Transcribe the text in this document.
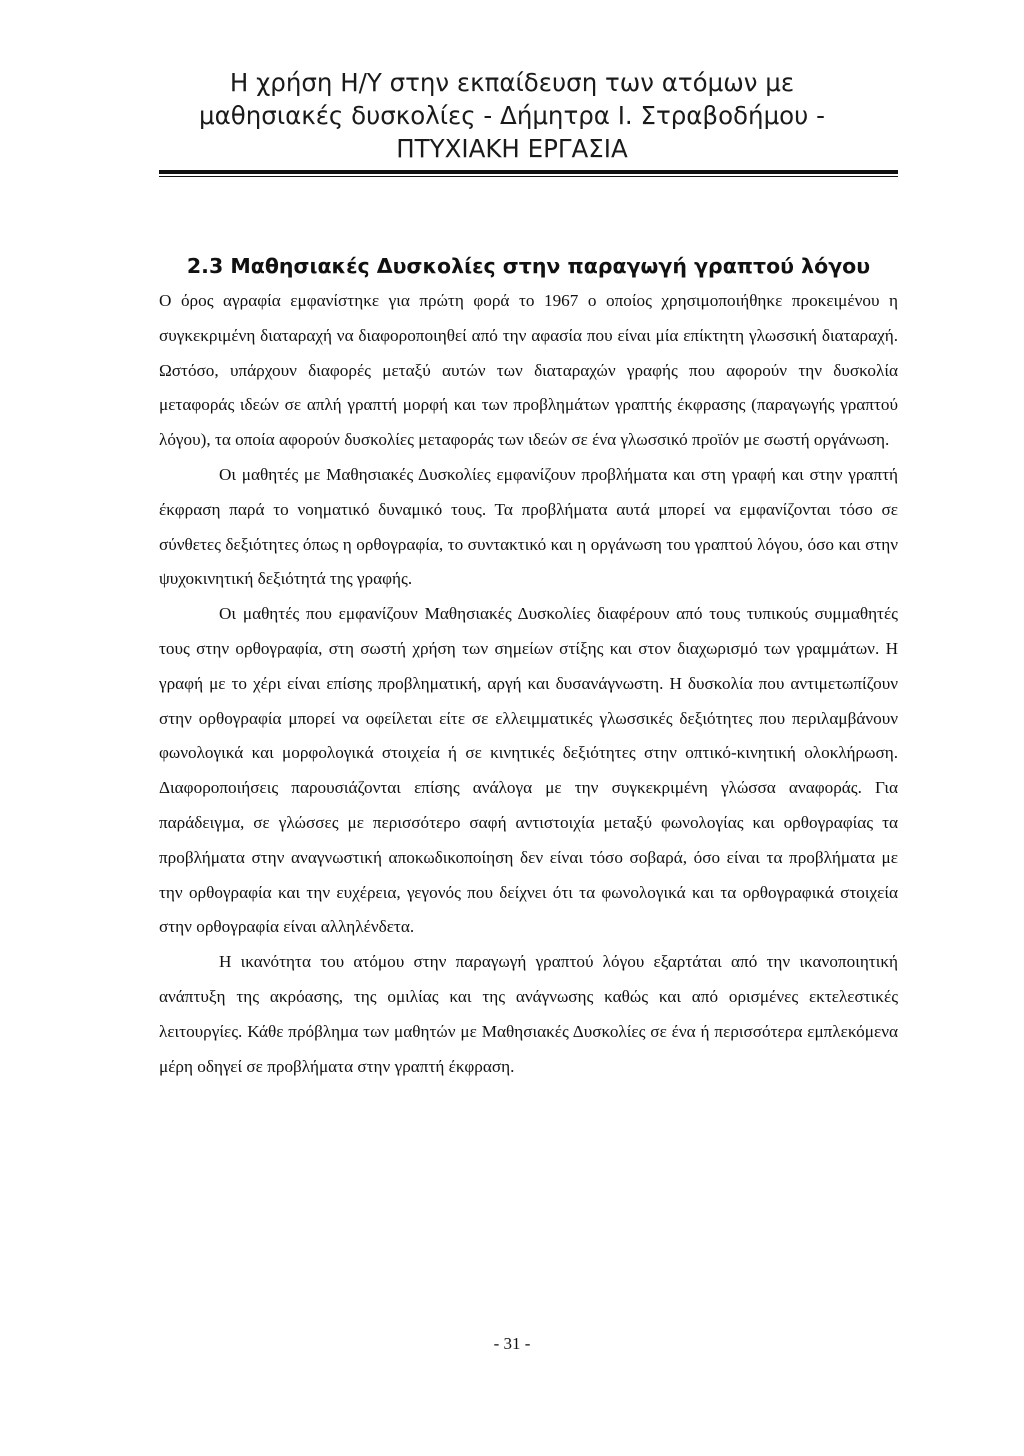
Η χρήση Η/Υ στην εκπαίδευση των ατόμων με
μαθησιακές δυσκολίες - Δήμητρα Ι. Στραβοδήμου -
ΠΤΥΧΙΑΚΗ ΕΡΓΑΣΙΑ
2.3 Μαθησιακές Δυσκολίες στην παραγωγή γραπτού λόγου

Ο όρος αγραφία εμφανίστηκε για πρώτη φορά το 1967 ο οποίος χρησιμοποιήθηκε προκειμένου η συγκεκριμένη διαταραχή να διαφοροποιηθεί από την αφασία που είναι μία επίκτητη γλωσσική διαταραχή. Ωστόσο, υπάρχουν διαφορές μεταξύ αυτών των διαταραχών γραφής που αφορούν την δυσκολία μεταφοράς ιδεών σε απλή γραπτή μορφή και των προβλημάτων γραπτής έκφρασης (παραγωγής γραπτού λόγου), τα οποία αφορούν δυσκολίες μεταφοράς των ιδεών σε ένα γλωσσικό προϊόν με σωστή οργάνωση.

Οι μαθητές με Μαθησιακές Δυσκολίες εμφανίζουν προβλήματα και στη γραφή και στην γραπτή έκφραση παρά το νοηματικό δυναμικό τους. Τα προβλήματα αυτά μπορεί να εμφανίζονται τόσο σε σύνθετες δεξιότητες όπως η ορθογραφία, το συντακτικό και η οργάνωση του γραπτού λόγου, όσο και στην ψυχοκινητική δεξιότητά της γραφής.

Οι μαθητές που εμφανίζουν Μαθησιακές Δυσκολίες διαφέρουν από τους τυπικούς συμμαθητές τους στην ορθογραφία, στη σωστή χρήση των σημείων στίξης και στον διαχωρισμό των γραμμάτων. Η γραφή με το χέρι είναι επίσης προβληματική, αργή και δυσανάγνωστη. Η δυσκολία που αντιμετωπίζουν στην ορθογραφία μπορεί να οφείλεται είτε σε ελλειμματικές γλωσσικές δεξιότητες που περιλαμβάνουν φωνολογικά και μορφολογικά στοιχεία ή σε κινητικές δεξιότητες στην οπτικό-κινητική ολοκλήρωση. Διαφοροποιήσεις παρουσιάζονται επίσης ανάλογα με την συγκεκριμένη γλώσσα αναφοράς. Για παράδειγμα, σε γλώσσες με περισσότερο σαφή αντιστοιχία μεταξύ φωνολογίας και ορθογραφίας τα προβλήματα στην αναγνωστική αποκωδικοποίηση δεν είναι τόσο σοβαρά, όσο είναι τα προβλήματα με την ορθογραφία και την ευχέρεια, γεγονός που δείχνει ότι τα φωνολογικά και τα ορθογραφικά στοιχεία στην ορθογραφία είναι αλληλένδετα.

Η ικανότητα του ατόμου στην παραγωγή γραπτού λόγου εξαρτάται από την ικανοποιητική ανάπτυξη της ακρόασης, της ομιλίας και της ανάγνωσης καθώς και από ορισμένες εκτελεστικές λειτουργίες. Κάθε πρόβλημα των μαθητών με Μαθησιακές Δυσκολίες σε ένα ή περισσότερα εμπλεκόμενα μέρη οδηγεί σε προβλήματα στην γραπτή έκφραση.

- 31 -
